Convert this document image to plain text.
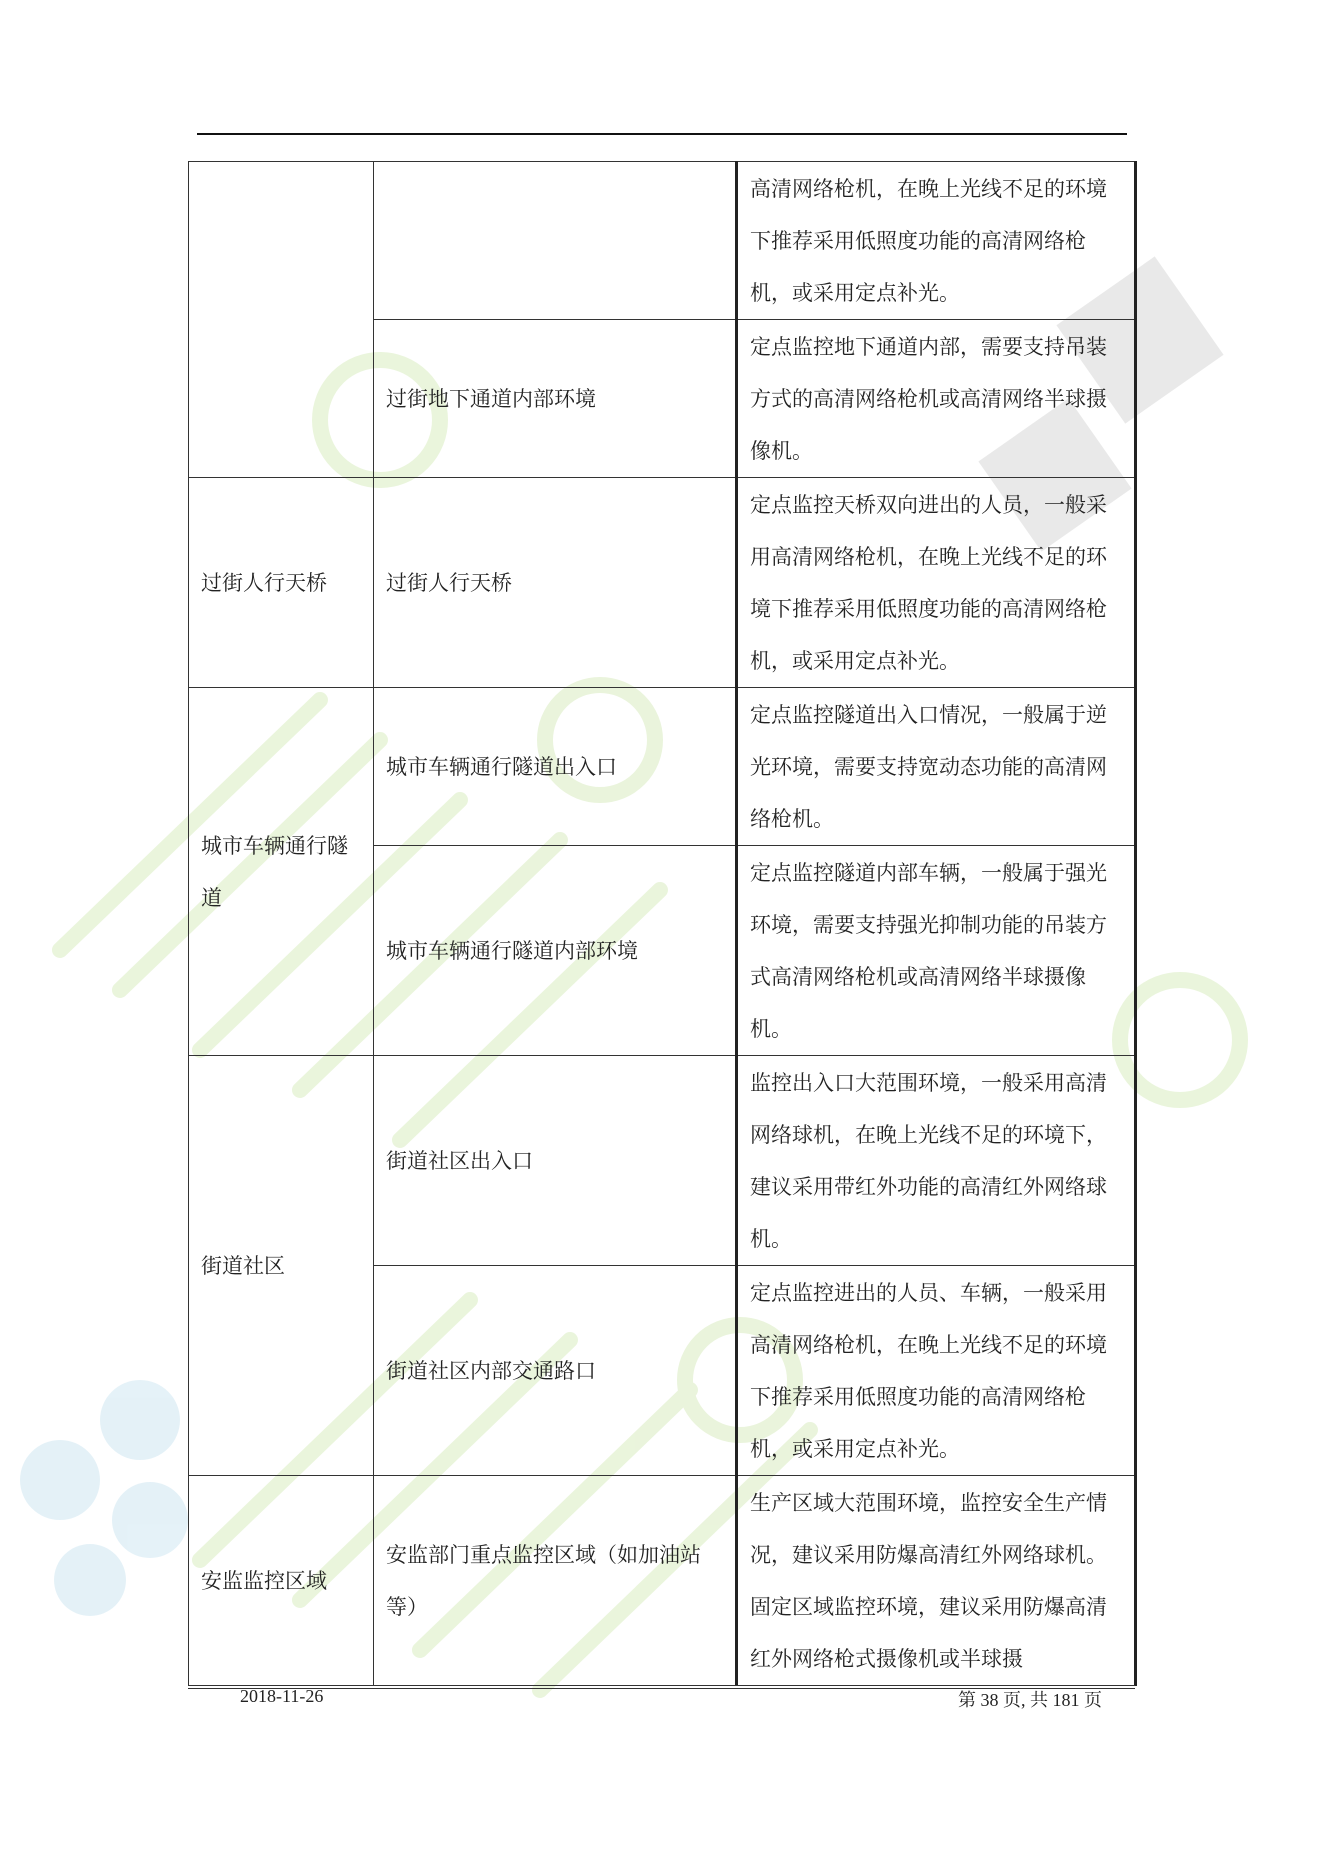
		高清网络枪机，在晚上光线不足的环境下推荐采用低照度功能的高清网络枪机，或采用定点补光。
	过街地下通道内部环境	定点监控地下通道内部，需要支持吊装方式的高清网络枪机或高清网络半球摄像机。
过街人行天桥	过街人行天桥	定点监控天桥双向进出的人员，一般采用高清网络枪机，在晚上光线不足的环境下推荐采用低照度功能的高清网络枪机，或采用定点补光。
城市车辆通行隧道	城市车辆通行隧道出入口	定点监控隧道出入口情况，一般属于逆光环境，需要支持宽动态功能的高清网络枪机。
	城市车辆通行隧道内部环境	定点监控隧道内部车辆，一般属于强光环境，需要支持强光抑制功能的吊装方式高清网络枪机或高清网络半球摄像机。
街道社区	街道社区出入口	监控出入口大范围环境，一般采用高清网络球机，在晚上光线不足的环境下，建议采用带红外功能的高清红外网络球机。
	街道社区内部交通路口	定点监控进出的人员、车辆，一般采用高清网络枪机，在晚上光线不足的环境下推荐采用低照度功能的高清网络枪机，或采用定点补光。
安监监控区域	安监部门重点监控区域（如加油站等）	生产区域大范围环境，监控安全生产情况，建议采用防爆高清红外网络球机。固定区域监控环境，建议采用防爆高清红外网络枪式摄像机或半球摄
2018-11-26	第 38 页, 共 181 页
